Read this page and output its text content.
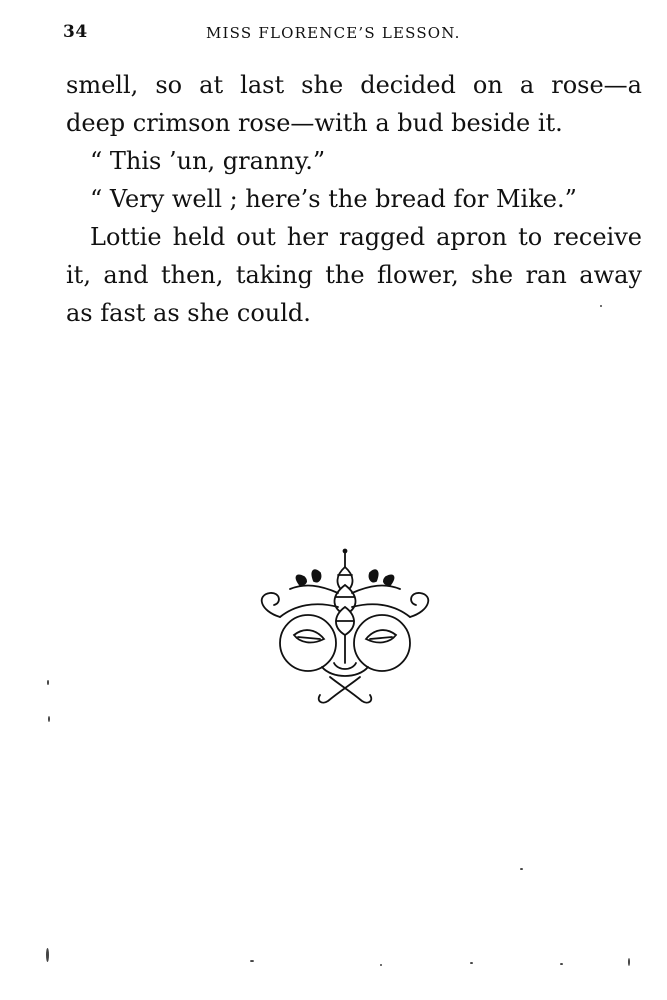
34	MISS FLORENCE’S LESSON.
smell, so at last she decided on a rose—a
deep crimson rose—with a bud beside it.
“ This ’un, granny.”
“ Very well ; here’s the bread for Mike.”
Lottie held out her ragged apron to receive
it, and then, taking the flower, she ran away
as fast as she could.
